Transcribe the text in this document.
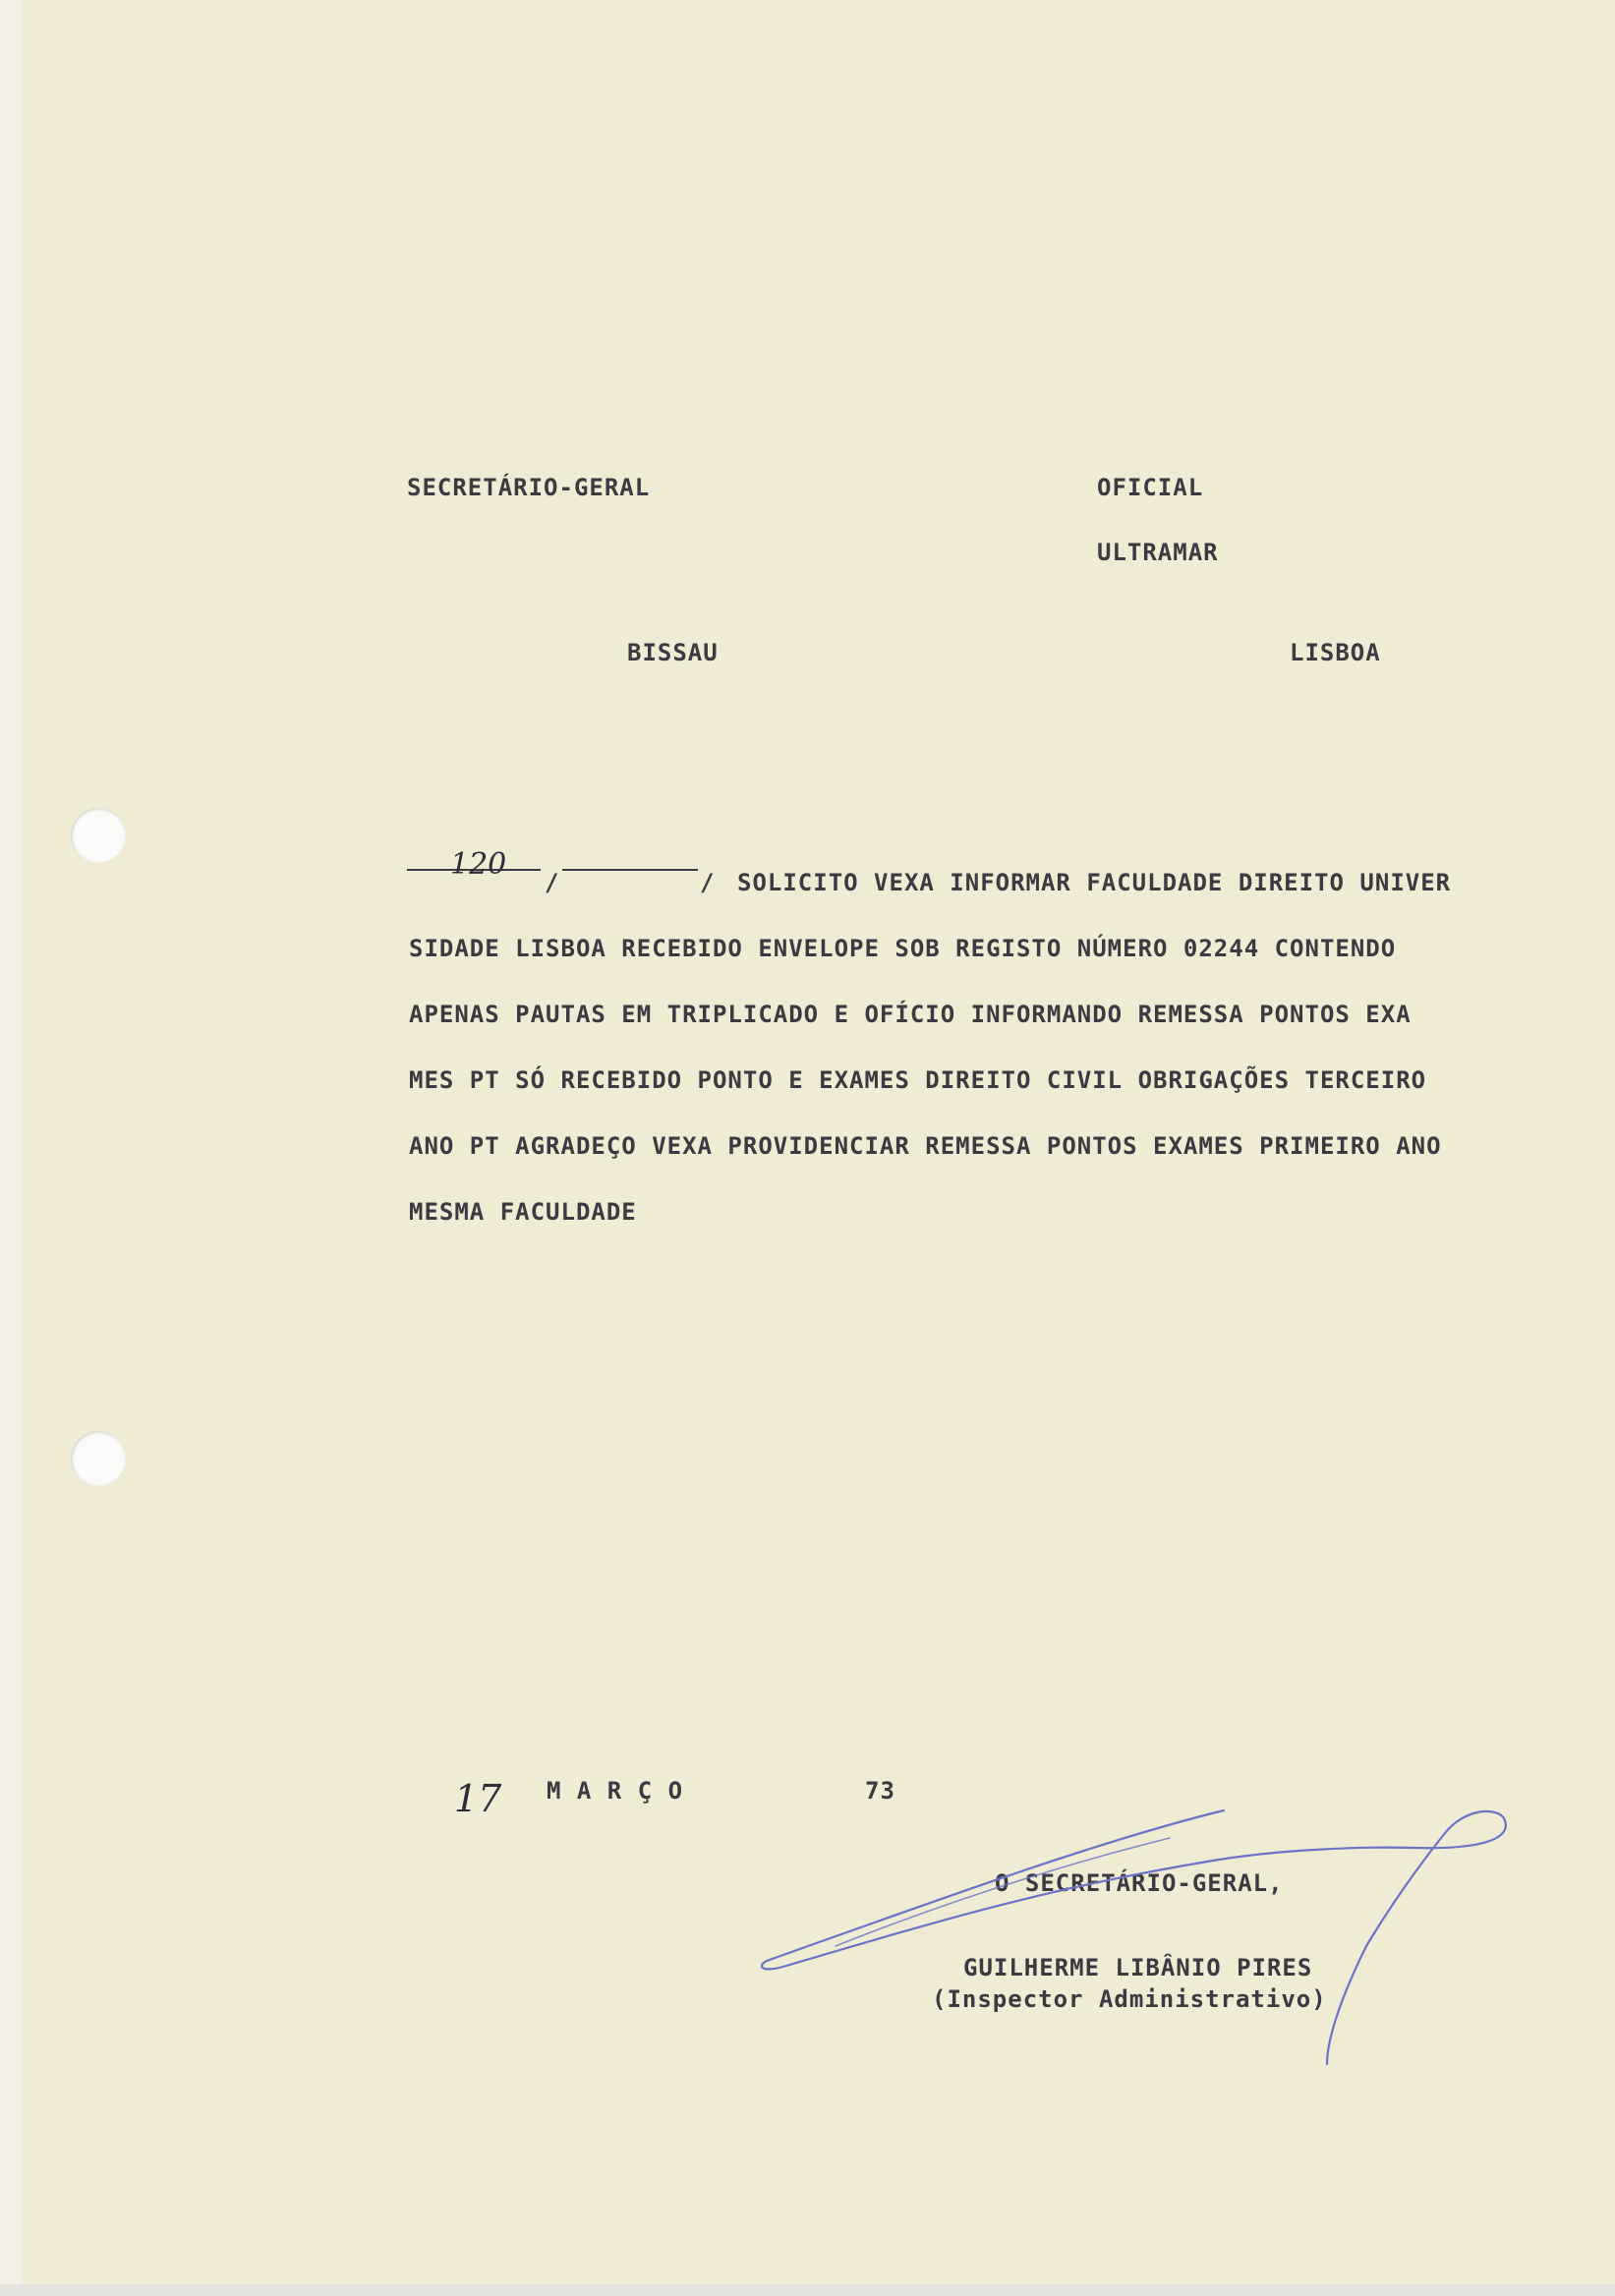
SECRETÁRIO-GERAL

BISSAU

OFICIAL

ULTRAMAR

LISBOA

120

/	/ SOLICITO VEXA INFORMAR FACULDADE DIREITO UNIVER

SIDADE LISBOA RECEBIDO ENVELOPE SOB REGISTO NÚMERO 02244 CONTENDO

APENAS PAUTAS EM TRIPLICADO E OFÍCIO INFORMANDO REMESSA PONTOS EXA

MES PT SÓ RECEBIDO PONTO E EXAMES DIREITO CIVIL OBRIGAÇÕES TERCEIRO

ANO PT AGRADEÇO VEXA PROVIDENCIAR REMESSA PONTOS EXAMES PRIMEIRO ANO

MESMA FACULDADE

17 M A R Ç O	73

O SECRETÁRIO-GERAL,

GUILHERME LIBÂNIO PIRES

(Inspector Administrativo)
